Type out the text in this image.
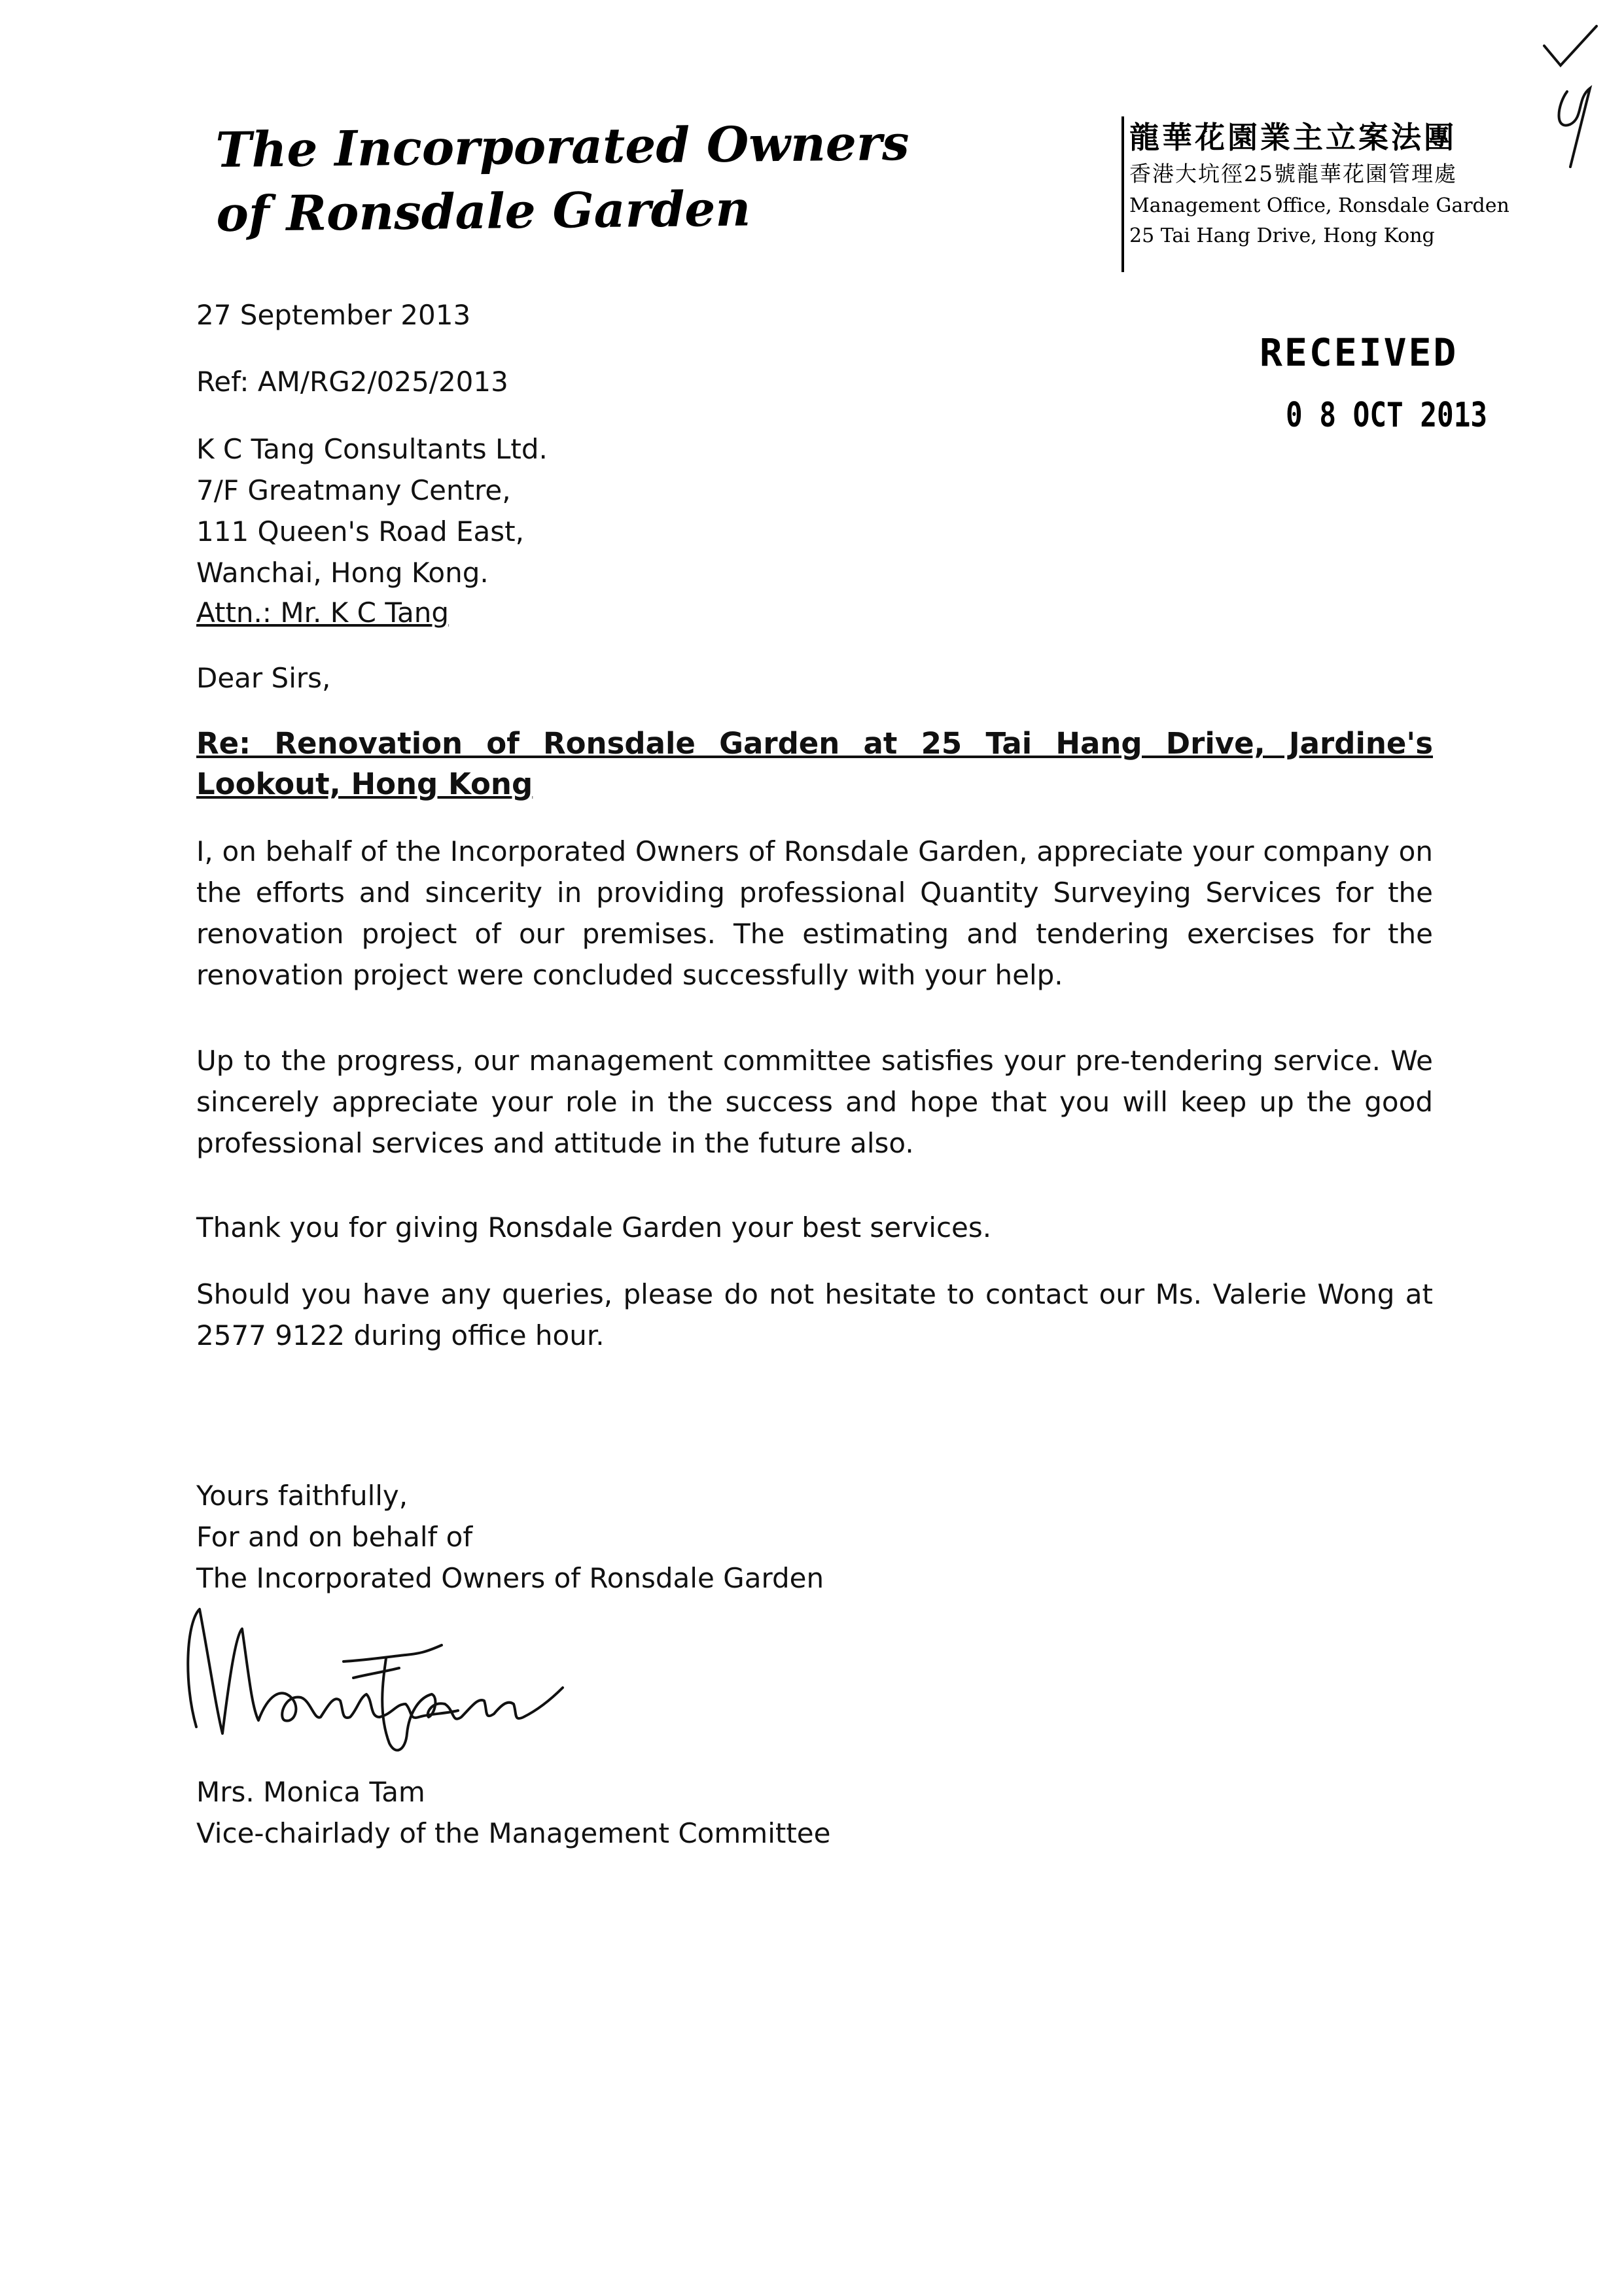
The Incorporated Owners of Ronsdale Garden
龍華花園業主立案法團
香港大坑徑25號龍華花園管理處
Management Office, Ronsdale Garden
25 Tai Hang Drive, Hong Kong
RECEIVED
0 8 OCT 2013
27 September 2013
Ref: AM/RG2/025/2013
K C Tang Consultants Ltd.
7/F Greatmany Centre,
111 Queen's Road East,
Wanchai, Hong Kong.
Attn.: Mr. K C Tang
Dear Sirs,
Re: Renovation of Ronsdale Garden at 25 Tai Hang Drive, Jardine's
Lookout, Hong Kong
I, on behalf of the Incorporated Owners of Ronsdale Garden, appreciate your company on the efforts and sincerity in providing professional Quantity Surveying Services for the renovation project of our premises. The estimating and tendering exercises for the renovation project were concluded successfully with your help.
Up to the progress, our management committee satisfies your pre-tendering service. We sincerely appreciate your role in the success and hope that you will keep up the good professional services and attitude in the future also.
Thank you for giving Ronsdale Garden your best services.
Should you have any queries, please do not hesitate to contact our Ms. Valerie Wong at 2577 9122 during office hour.
Yours faithfully,
For and on behalf of
The Incorporated Owners of Ronsdale Garden
Mrs. Monica Tam
Vice-chairlady of the Management Committee
